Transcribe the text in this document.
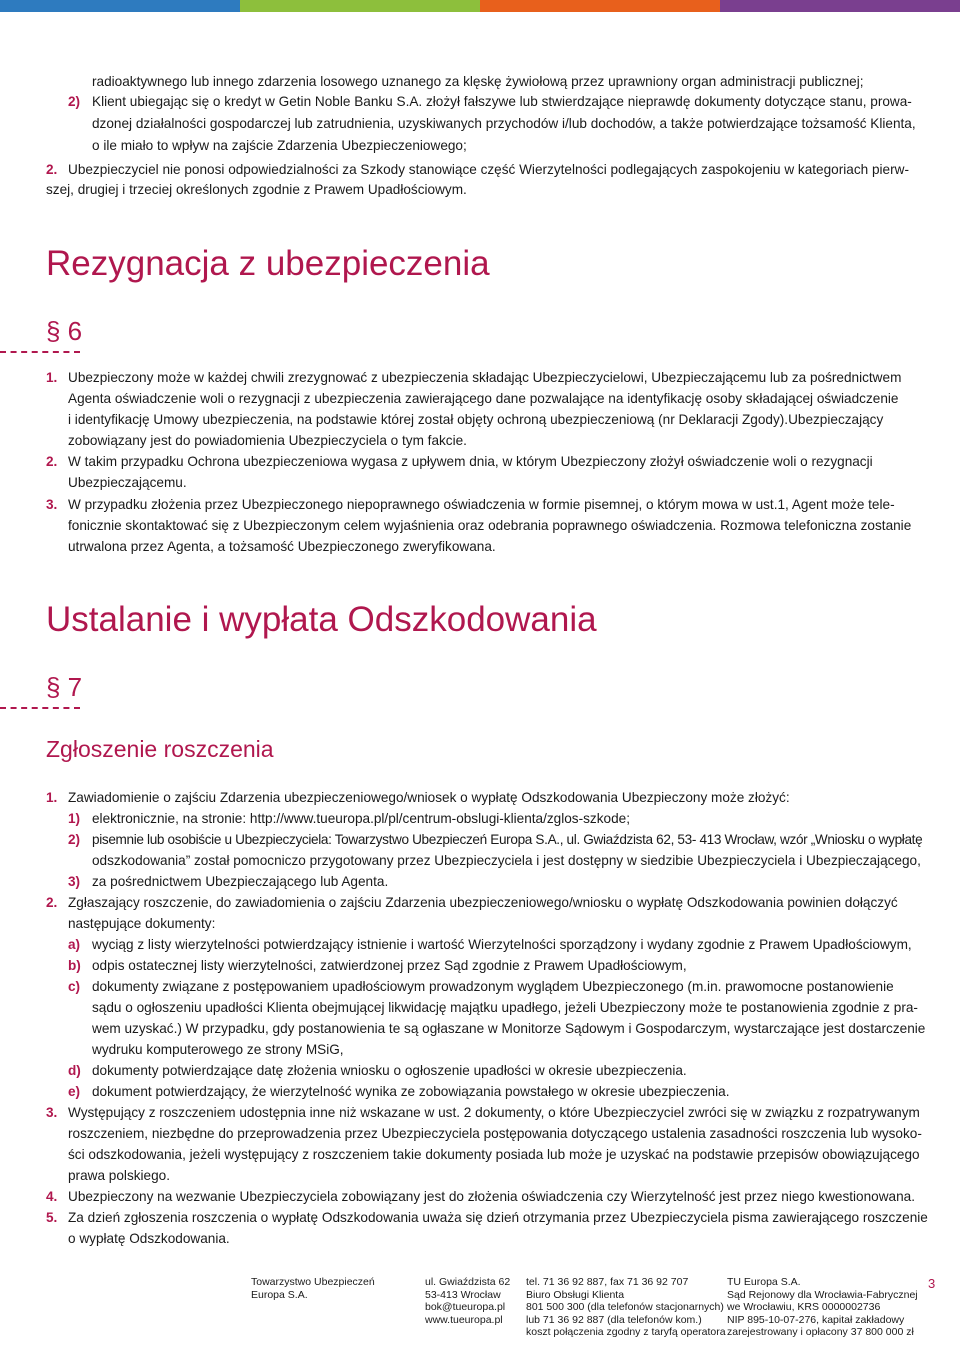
radioaktywnego lub innego zdarzenia losowego uznanego za klęskę żywiołową przez uprawniony organ administracji publicznej;
2) Klient ubiegając się o kredyt w Getin Noble Banku S.A. złożył fałszywe lub stwierdzające nieprawdę dokumenty dotyczące stanu, prowa-
dzonej działalności gospodarczej lub zatrudnienia, uzyskiwanych przychodów i/lub dochodów, a także potwierdzające tożsamość Klienta,
o ile miało to wpływ na zajście Zdarzenia Ubezpieczeniowego;
2. Ubezpieczyciel nie ponosi odpowiedzialności za Szkody stanowiące część Wierzytelności podlegających zaspokojeniu w kategoriach pierw-
szej, drugiej i trzeciej określonych zgodnie z Prawem Upadłościowym.
Rezygnacja z ubezpieczenia
§ 6
1. Ubezpieczony może w każdej chwili zrezygnować z ubezpieczenia składając Ubezpieczycielowi, Ubezpieczającemu lub za pośrednictwem
Agenta oświadczenie woli o rezygnacji z ubezpieczenia zawierającego dane pozwalające na identyfikację osoby składającej oświadczenie
i identyfikację Umowy ubezpieczenia, na podstawie której został objęty ochroną ubezpieczeniową (nr Deklaracji Zgody).Ubezpieczający
zobowiązany jest do powiadomienia Ubezpieczyciela o tym fakcie.
2. W takim przypadku Ochrona ubezpieczeniowa wygasa z upływem dnia, w którym Ubezpieczony złożył oświadczenie woli o rezygnacji
Ubezpieczającemu.
3. W przypadku złożenia przez Ubezpieczonego niepoprawnego oświadczenia w formie pisemnej, o którym mowa w ust.1, Agent może tele-
fonicznie skontaktować się z Ubezpieczonym celem wyjaśnienia oraz odebrania poprawnego oświadczenia. Rozmowa telefoniczna zostanie
utrwalona przez Agenta, a tożsamość Ubezpieczonego zweryfikowana.
Ustalanie i wypłata Odszkodowania
§ 7
Zgłoszenie roszczenia
1. Zawiadomienie o zajściu Zdarzenia ubezpieczeniowego/wniosek o wypłatę Odszkodowania Ubezpieczony może złożyć:
1) elektronicznie, na stronie: http://www.tueuropa.pl/pl/centrum-obslugi-klienta/zglos-szkode;
2) pisemnie lub osobiście u Ubezpieczyciela: Towarzystwo Ubezpieczeń Europa S.A., ul. Gwiaździsta 62, 53- 413 Wrocław, wzór „Wniosku o wypłatę
odszkodowania” został pomocniczo przygotowany przez Ubezpieczyciela i jest dostępny w siedzibie Ubezpieczyciela i Ubezpieczającego,
3) za pośrednictwem Ubezpieczającego lub Agenta.
2. Zgłaszający roszczenie, do zawiadomienia o zajściu Zdarzenia ubezpieczeniowego/wniosku o wypłatę Odszkodowania powinien dołączyć
następujące dokumenty:
a) wyciąg z listy wierzytelności potwierdzający istnienie i wartość Wierzytelności sporządzony i wydany zgodnie z Prawem Upadłościowym,
b) odpis ostatecznej listy wierzytelności, zatwierdzonej przez Sąd zgodnie z Prawem Upadłościowym,
c) dokumenty związane z postępowaniem upadłościowym prowadzonym wyglądem Ubezpieczonego (m.in. prawomocne postanowienie
sądu o ogłoszeniu upadłości Klienta obejmującej likwidację majątku upadłego, jeżeli Ubezpieczony może te postanowienia zgodnie z pra-
wem uzyskać.) W przypadku, gdy postanowienia te są ogłaszane w Monitorze Sądowym i Gospodarczym, wystarczające jest dostarczenie
wydruku komputerowego ze strony MSiG,
d) dokumenty potwierdzające datę złożenia wniosku o ogłoszenie upadłości w okresie ubezpieczenia.
e) dokument potwierdzający, że wierzytelność wynika ze zobowiązania powstałego w okresie ubezpieczenia.
3. Występujący z roszczeniem udostępnia inne niż wskazane w ust. 2 dokumenty, o które Ubezpieczyciel zwróci się w związku z rozpatrywanym
roszczeniem, niezbędne do przeprowadzenia przez Ubezpieczyciela postępowania dotyczącego ustalenia zasadności roszczenia lub wysoko-
ści odszkodowania, jeżeli występujący z roszczeniem takie dokumenty posiada lub może je uzyskać na podstawie przepisów obowiązującego
prawa polskiego.
4. Ubezpieczony na wezwanie Ubezpieczyciela zobowiązany jest do złożenia oświadczenia czy Wierzytelność jest przez niego kwestionowana.
5. Za dzień zgłoszenia roszczenia o wypłatę Odszkodowania uważa się dzień otrzymania przez Ubezpieczyciela pisma zawierającego roszczenie
o wypłatę Odszkodowania.
Towarzystwo Ubezpieczeń
Europa S.A.
ul. Gwiaździsta 62
53-413 Wrocław
bok@tueuropa.pl
www.tueuropa.pl
tel. 71 36 92 887, fax 71 36 92 707
Biuro Obsługi Klienta
801 500 300 (dla telefonów stacjonarnych)
lub 71 36 92 887 (dla telefonów kom.)
koszt połączenia zgodny z taryfą operatora
TU Europa S.A.
Sąd Rejonowy dla Wrocławia-Fabrycznej
we Wrocławiu, KRS 0000002736
NIP 895-10-07-276, kapitał zakładowy
zarejestrowany i opłacony 37 800 000 zł
3
